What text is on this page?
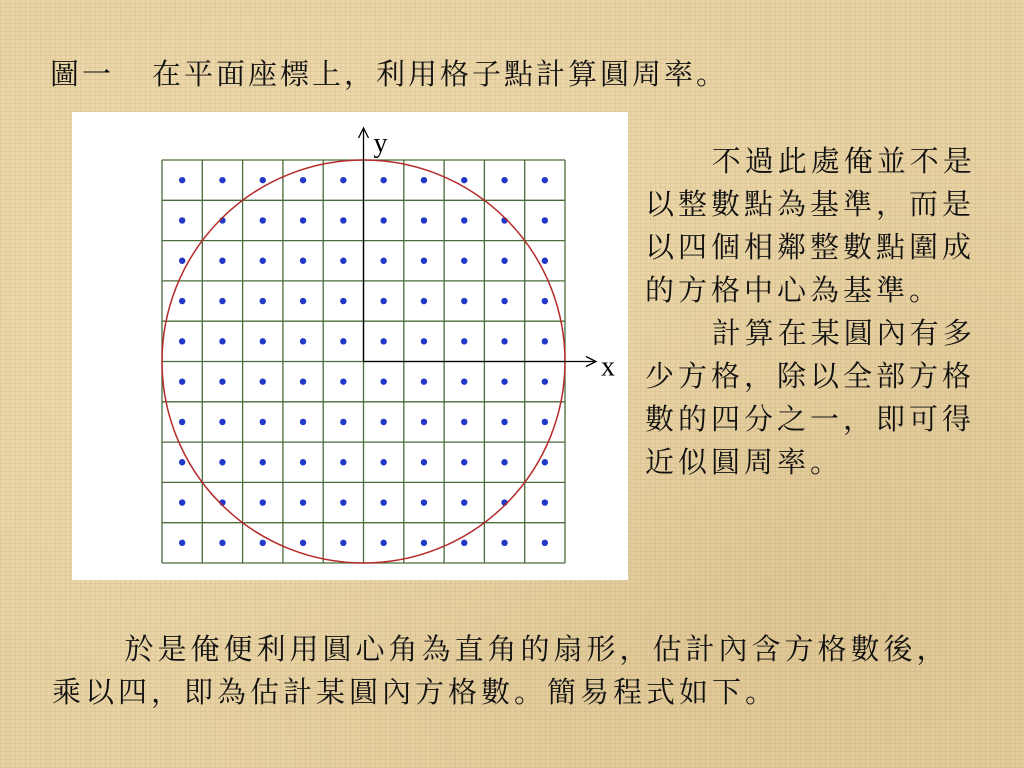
圖一 在平面座標上，利用格子點計算圓周率。
y
x

不過此處俺並不是以整數點為基準，而是以四個相鄰整數點圍成的方格中心為基準。

計算在某圓內有多少方格，除以全部方格數的四分之一，即可得近似圓周率。

於是俺便利用圓心角為直角的扇形，估計內含方格數後，乘以四，即為估計某圓內方格數。簡易程式如下。
